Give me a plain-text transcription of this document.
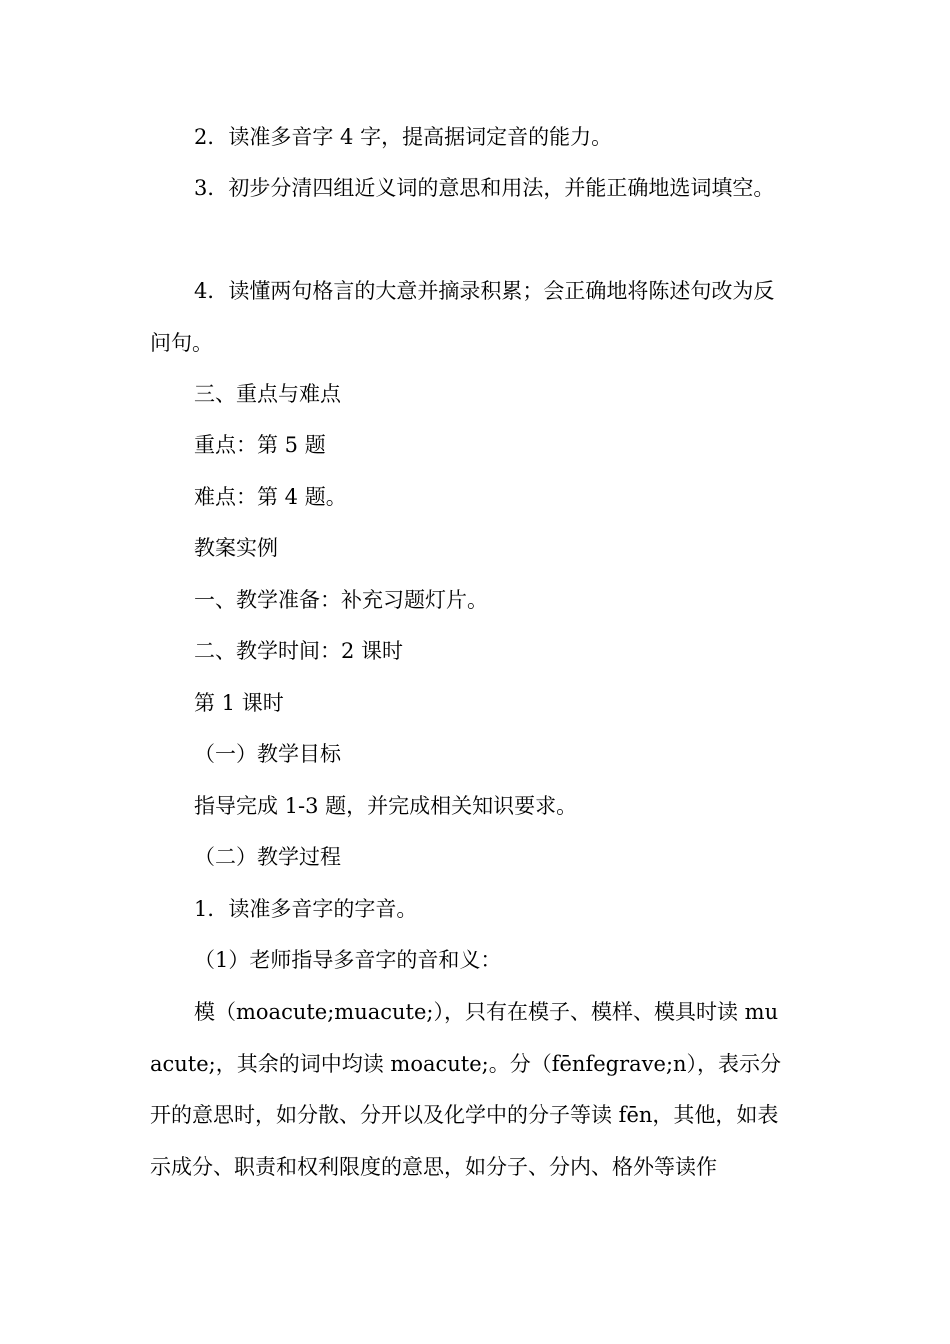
2．读准多音字 4 字，提高据词定音的能力。

3．初步分清四组近义词的意思和用法，并能正确地选词填空。

4．读懂两句格言的大意并摘录积累；会正确地将陈述句改为反问句。

三、重点与难点

重点：第 5 题

难点：第 4 题。

教案实例

一、教学准备：补充习题灯片。

二、教学时间：2 课时

第 1 课时

（一）教学目标

指导完成 1-3 题，并完成相关知识要求。

（二）教学过程

1．读准多音字的字音。

（1）老师指导多音字的音和义：

模（moacute;muacute;），只有在模子、模样、模具时读 muacute;，其余的词中均读 moacute;。分（fēnfegrave;n），表示分开的意思时，如分散、分开以及化学中的分子等读 fēn，其他，如表示成分、职责和权利限度的意思，如分子、分内、格外等读作
